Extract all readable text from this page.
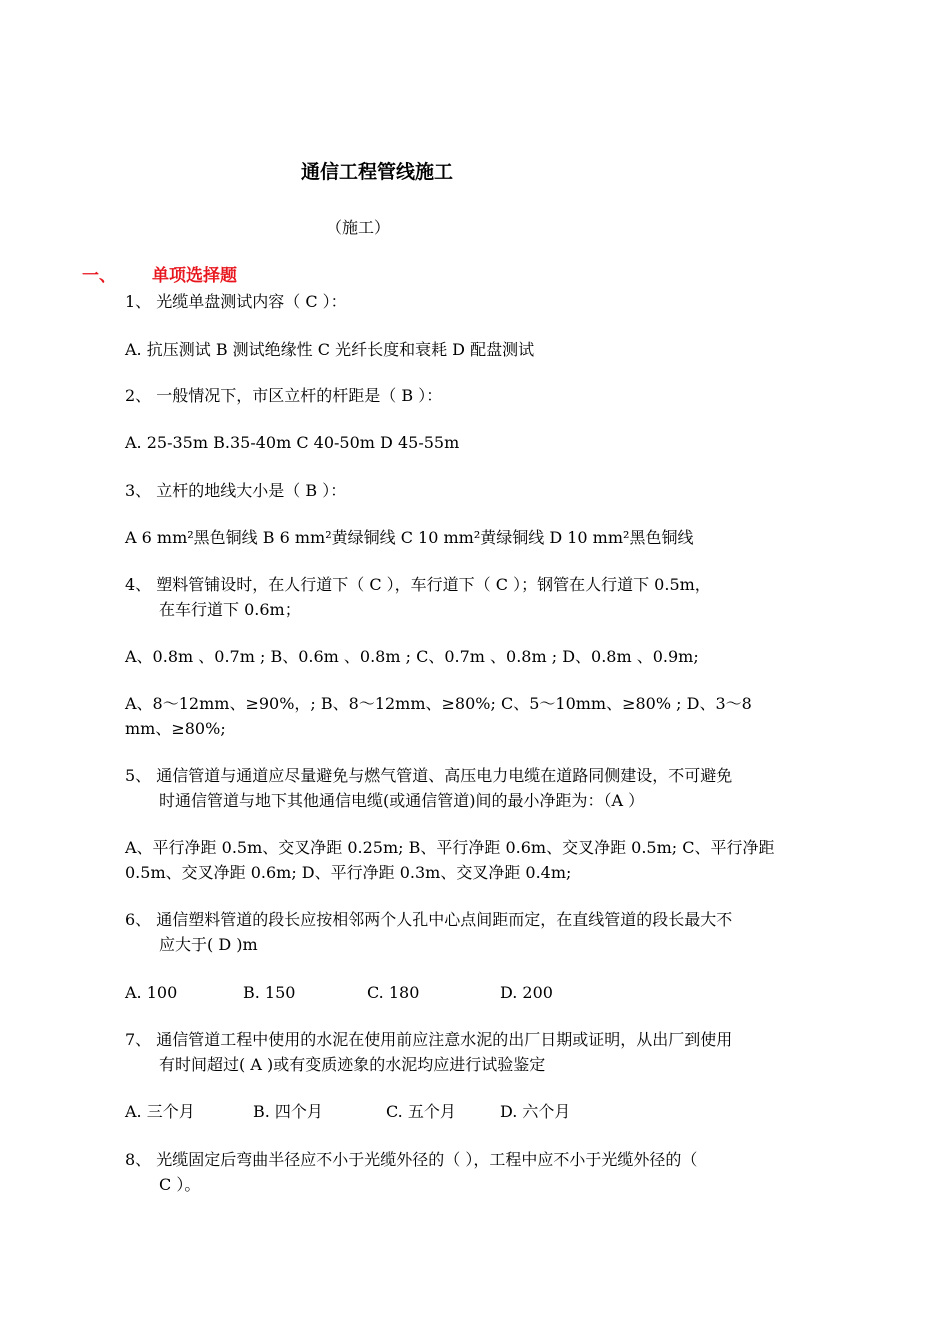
通信工程管线施工
（施工）
一、 单项选择题
1、 光缆单盘测试内容（ C ）：
A. 抗压测试 B 测试绝缘性 C 光纤长度和衰耗 D 配盘测试
2、 一般情况下，市区立杆的杆距是（ B ）：
A. 25-35m B.35-40m C 40-50m D 45-55m
3、 立杆的地线大小是（ B ）：
A 6 mm²黑色铜线 B 6 mm²黄绿铜线 C 10 mm²黄绿铜线 D 10 mm²黑色铜线
4、 塑料管铺设时，在人行道下（ C ），车行道下（ C ）；钢管在人行道下 0.5m，
在车行道下 0.6m；
A、0.8m 、0.7m ; B、0.6m 、0.8m ; C、0.7m 、0.8m ; D、0.8m 、0.9m;
A、8～12mm、≥90%，; B、8～12mm、≥80%; C、5～10mm、≥80% ; D、3～8
mm、≥80%;
5、 通信管道与通道应尽量避免与燃气管道、高压电力电缆在道路同侧建设，不可避免
时通信管道与地下其他通信电缆(或通信管道)间的最小净距为：（A ）
A、平行净距 0.5m、交叉净距 0.25m; B、平行净距 0.6m、交叉净距 0.5m; C、平行净距
0.5m、交叉净距 0.6m; D、平行净距 0.3m、交叉净距 0.4m;
6、 通信塑料管道的段长应按相邻两个人孔中心点间距而定，在直线管道的段长最大不
应大于( D )m
A. 100	B. 150	C. 180	D. 200
7、 通信管道工程中使用的水泥在使用前应注意水泥的出厂日期或证明，从出厂到使用
有时间超过( A )或有变质迹象的水泥均应进行试验鉴定
A. 三个月	B. 四个月	C. 五个月	D. 六个月
8、 光缆固定后弯曲半径应不小于光缆外径的（ ），工程中应不小于光缆外径的（
C ）。
